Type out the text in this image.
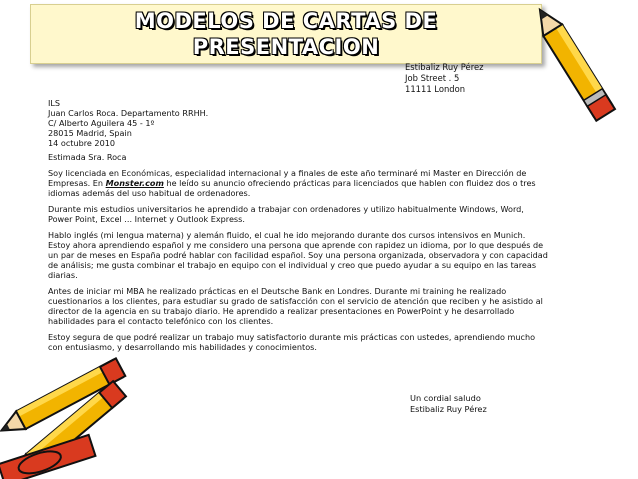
MODELOS DE CARTAS DE
PRESENTACION
Estibaliz Ruy Pérez
Job Street . 5
11111 London
ILS
Juan Carlos Roca. Departamento RRHH.
C/ Alberto Aguilera 45 - 1º
28015 Madrid, Spain
14 octubre 2010

Estimada Sra. Roca

Soy licenciada en Económicas, especialidad internacional y a finales de este año terminaré mi Master en Dirección de Empresas. En Monster.com he leído su anuncio ofreciendo prácticas para licenciados que hablen con fluidez dos o tres idiomas además del uso habitual de ordenadores.

Durante mis estudios universitarios he aprendido a trabajar con ordenadores y utilizo habitualmente Windows, Word, Power Point, Excel ... Internet y Outlook Express.

Hablo inglés (mi lengua materna) y alemán fluido, el cual he ido mejorando durante dos cursos intensivos en Munich. Estoy ahora aprendiendo español y me considero una persona que aprende con rapidez un idioma, por lo que después de un par de meses en España podré hablar con facilidad español. Soy una persona organizada, observadora y con capacidad de análisis; me gusta combinar el trabajo en equipo con el individual y creo que puedo ayudar a su equipo en las tareas diarias.

Antes de iniciar mi MBA he realizado prácticas en el Deutsche Bank en Londres. Durante mi training he realizado cuestionarios a los clientes, para estudiar su grado de satisfacción con el servicio de atención que reciben y he asistido al director de la agencia en su trabajo diario. He aprendido a realizar presentaciones en PowerPoint y he desarrollado habilidades para el contacto telefónico con los clientes.

Estoy segura de que podré realizar un trabajo muy satisfactorio durante mis prácticas con ustedes, aprendiendo mucho con entusiasmo, y desarrollando mis habilidades y conocimientos.

Un cordial saludo
Estibaliz Ruy Pérez
